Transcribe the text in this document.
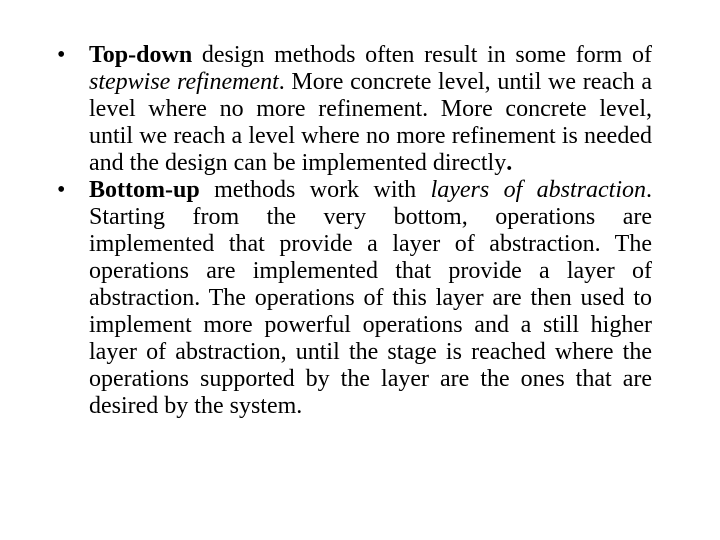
• Top-down design methods often result in some form of stepwise refinement. More concrete level, until we reach a level where no more refinement. More concrete level, until we reach a level where no more refinement is needed and the design can be implemented directly.
• Bottom-up methods work with layers of abstraction. Starting from the very bottom, operations are implemented that provide a layer of abstraction. The operations are implemented that provide a layer of abstraction. The operations of this layer are then used to implement more powerful operations and a still higher layer of abstraction, until the stage is reached where the operations supported by the layer are the ones that are desired by the system.
